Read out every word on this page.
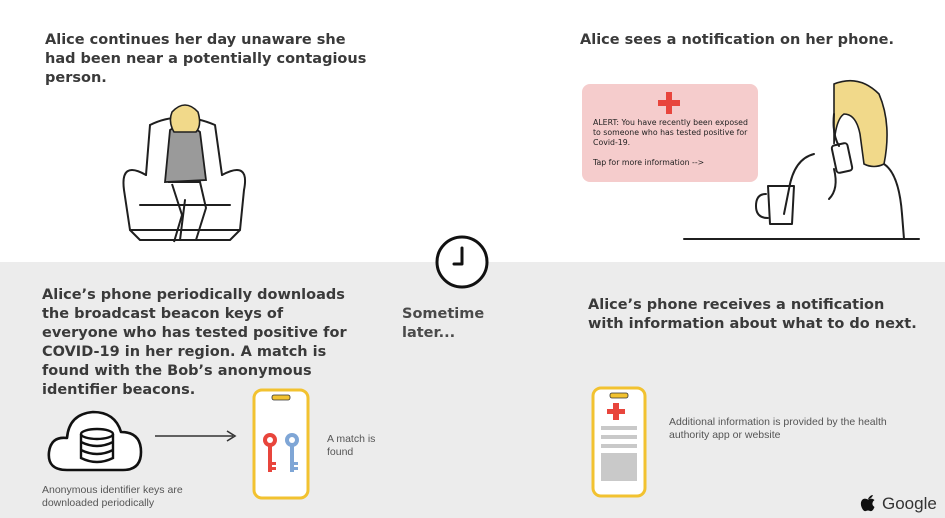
Alice continues her day unaware she had been near a potentially contagious person.

Alice sees a notification on her phone.

ALERT: You have recently been exposed to someone who has tested positive for Covid-19.

Tap for more information -->

Sometime later...

Alice’s phone periodically downloads the broadcast beacon keys of everyone who has tested positive for COVID-19 in her region. A match is found with the Bob’s anonymous identifier beacons.

Anonymous identifier keys are downloaded periodically

A match is found

Alice’s phone receives a notification with information about what to do next.

Additional information is provided by the health authority app or website

Google
